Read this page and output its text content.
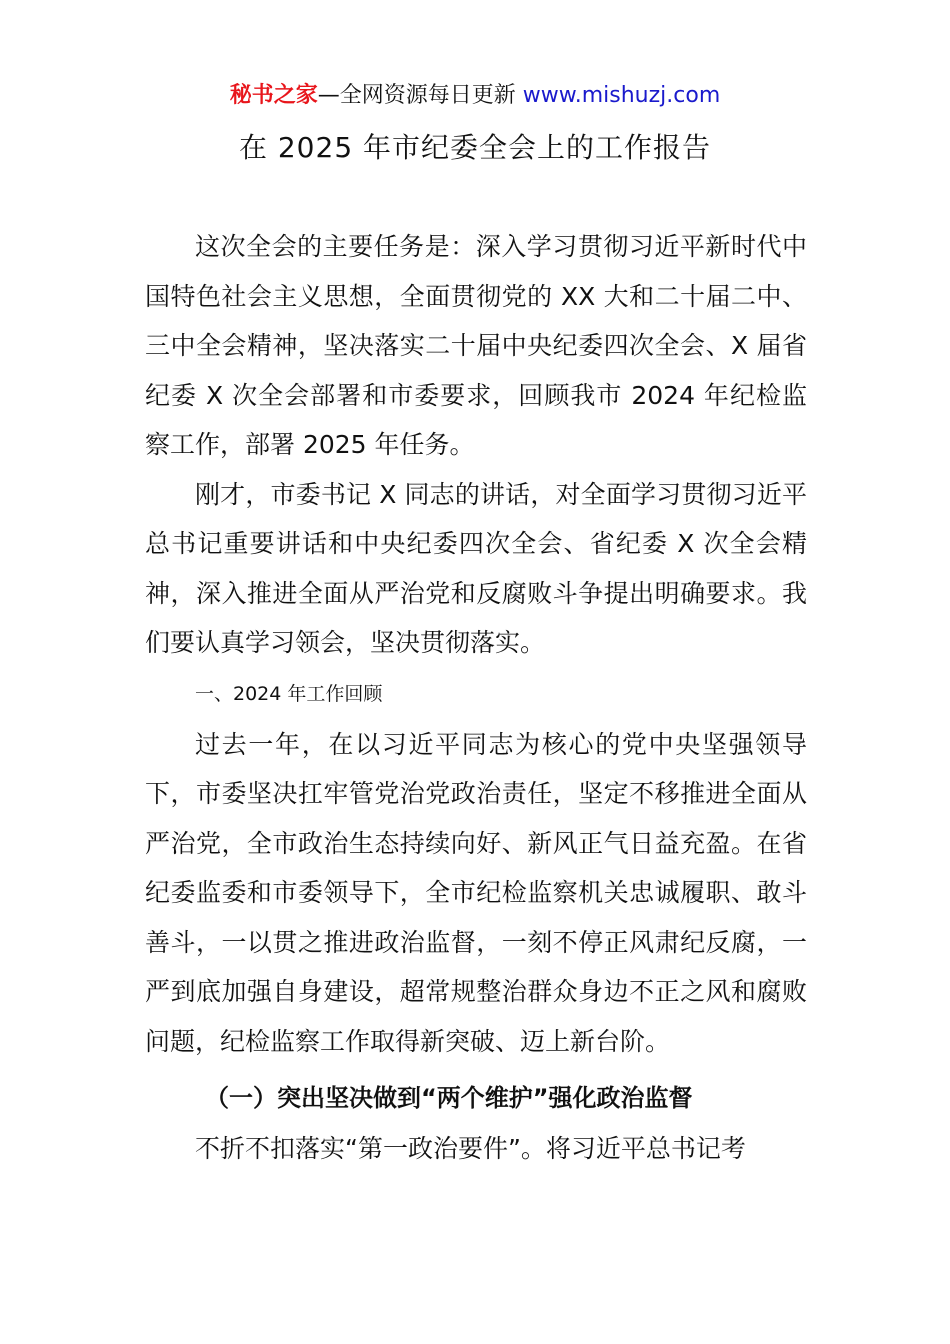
秘书之家—全网资源每日更新 www.mishuzj.com
在 2025 年市纪委全会上的工作报告

这次全会的主要任务是：深入学习贯彻习近平新时代中国特色社会主义思想，全面贯彻党的 XX 大和二十届二中、三中全会精神，坚决落实二十届中央纪委四次全会、X 届省纪委 X 次全会部署和市委要求，回顾我市 2024 年纪检监察工作，部署 2025 年任务。

刚才，市委书记 X 同志的讲话，对全面学习贯彻习近平总书记重要讲话和中央纪委四次全会、省纪委 X 次全会精神，深入推进全面从严治党和反腐败斗争提出明确要求。我们要认真学习领会，坚决贯彻落实。

一、2024 年工作回顾

过去一年，在以习近平同志为核心的党中央坚强领导下，市委坚决扛牢管党治党政治责任，坚定不移推进全面从严治党，全市政治生态持续向好、新风正气日益充盈。在省纪委监委和市委领导下，全市纪检监察机关忠诚履职、敢斗善斗，一以贯之推进政治监督，一刻不停正风肃纪反腐，一严到底加强自身建设，超常规整治群众身边不正之风和腐败问题，纪检监察工作取得新突破、迈上新台阶。

（一）突出坚决做到“两个维护”强化政治监督

不折不扣落实“第一政治要件”。将习近平总书记考
